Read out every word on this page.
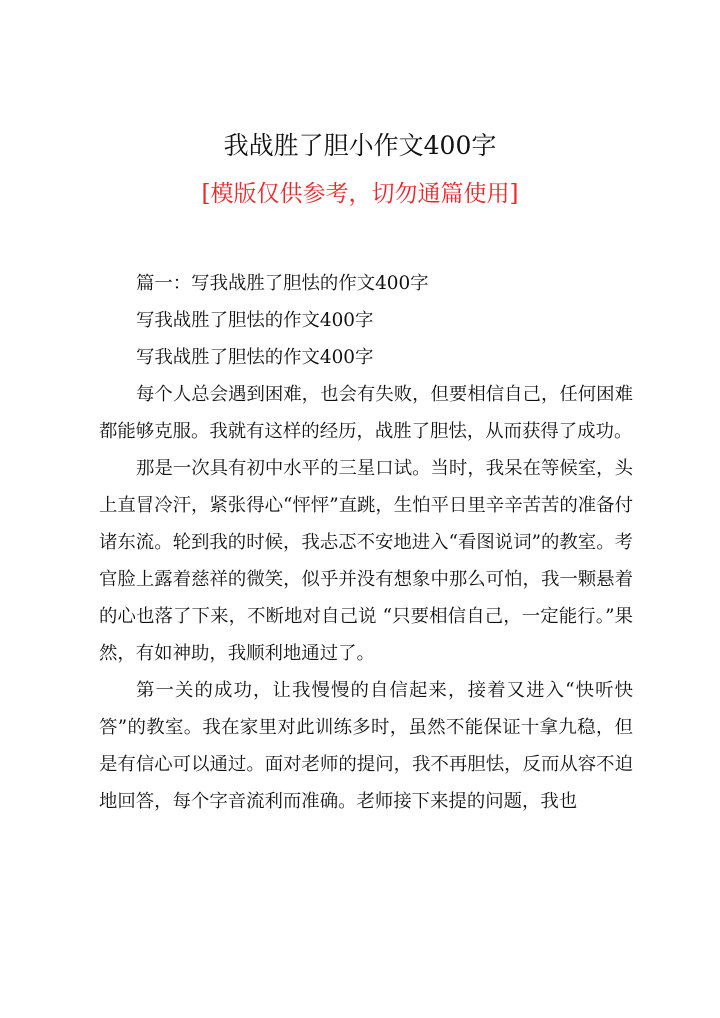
我战胜了胆小作文400字
[模版仅供参考，切勿通篇使用]

篇一：写我战胜了胆怯的作文400字

写我战胜了胆怯的作文400字

写我战胜了胆怯的作文400字

每个人总会遇到困难，也会有失败，但要相信自己，任何困难都能够克服。我就有这样的经历，战胜了胆怯，从而获得了成功。

那是一次具有初中水平的三星口试。当时，我呆在等候室，头上直冒冷汗，紧张得心“怦怦”直跳，生怕平日里辛辛苦苦的准备付诸东流。轮到我的时候，我忐忑不安地进入“看图说词”的教室。考官脸上露着慈祥的微笑，似乎并没有想象中那么可怕，我一颗悬着的心也落了下来，不断地对自己说 “只要相信自己，一定能行。”果然，有如神助，我顺利地通过了。

第一关的成功，让我慢慢的自信起来，接着又进入“快听快答”的教室。我在家里对此训练多时，虽然不能保证十拿九稳，但是有信心可以通过。面对老师的提问，我不再胆怯，反而从容不迫地回答，每个字音流利而准确。老师接下来提的问题，我也
